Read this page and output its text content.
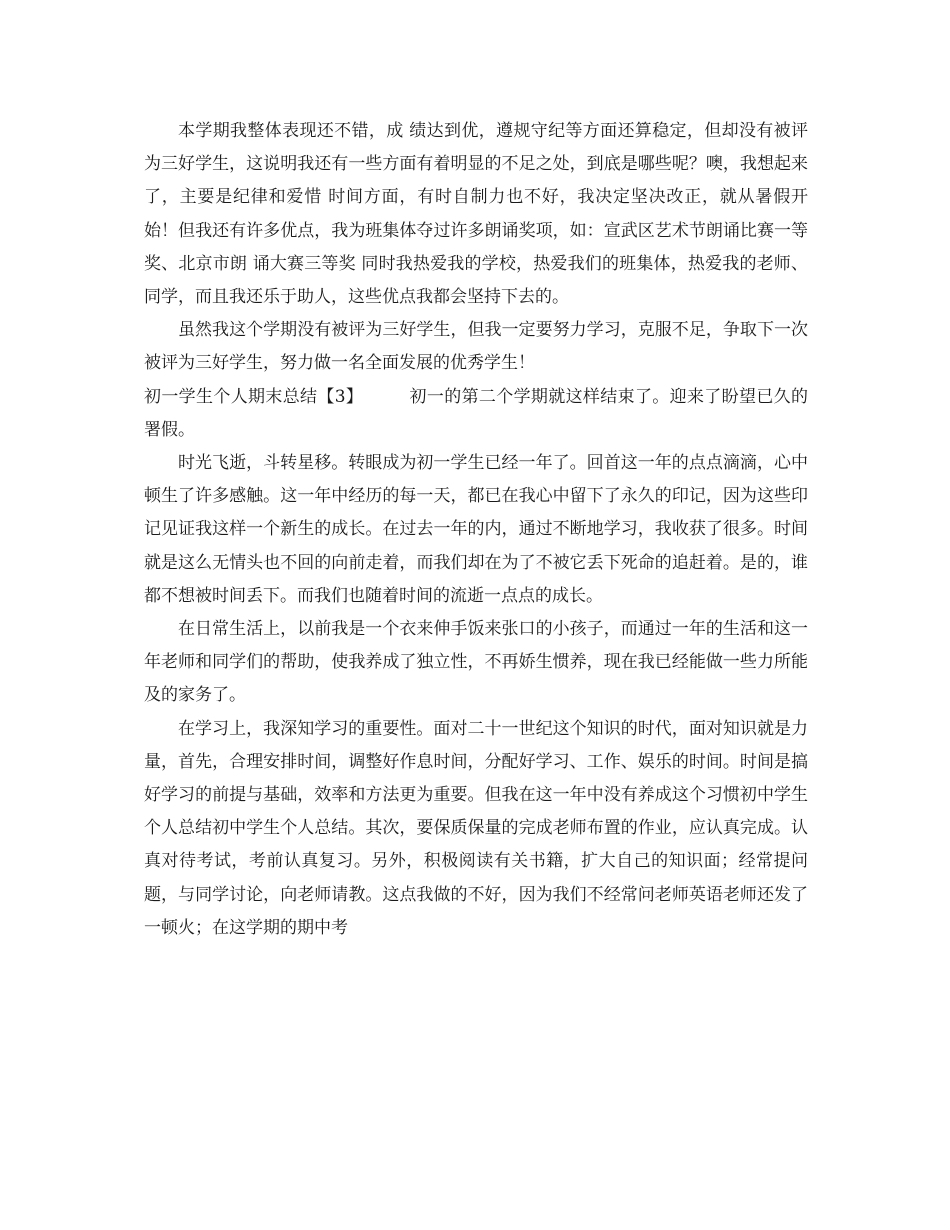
本学期我整体表现还不错，成 绩达到优，遵规守纪等方面还算稳定，但却没有被评为三好学生，这说明我还有一些方面有着明显的不足之处，到底是哪些呢？噢，我想起来了，主要是纪律和爱惜 时间方面，有时自制力也不好，我决定坚决改正，就从暑假开始！但我还有许多优点，我为班集体夺过许多朗诵奖项，如：宣武区艺术节朗诵比赛一等奖、北京市朗 诵大赛三等奖 同时我热爱我的学校，热爱我们的班集体，热爱我的老师、同学，而且我还乐于助人，这些优点我都会坚持下去的。

虽然我这个学期没有被评为三好学生，但我一定要努力学习，克服不足，争取下一次被评为三好学生，努力做一名全面发展的优秀学生！

初一学生个人期末总结【3】	初一的第二个学期就这样结束了。迎来了盼望已久的署假。

时光飞逝，斗转星移。转眼成为初一学生已经一年了。回首这一年的点点滴滴，心中顿生了许多感触。这一年中经历的每一天，都已在我心中留下了永久的印记，因为这些印记见证我这样一个新生的成长。在过去一年的内，通过不断地学习，我收获了很多。时间就是这么无情头也不回的向前走着，而我们却在为了不被它丢下死命的追赶着。是的，谁都不想被时间丢下。而我们也随着时间的流逝一点点的成长。

在日常生活上，以前我是一个衣来伸手饭来张口的小孩子，而通过一年的生活和这一年老师和同学们的帮助，使我养成了独立性，不再娇生惯养，现在我已经能做一些力所能及的家务了。

在学习上，我深知学习的重要性。面对二十一世纪这个知识的时代，面对知识就是力量，首先，合理安排时间，调整好作息时间，分配好学习、工作、娱乐的时间。时间是搞好学习的前提与基础，效率和方法更为重要。但我在这一年中没有养成这个习惯初中学生个人总结初中学生个人总结。其次，要保质保量的完成老师布置的作业，应认真完成。认真对待考试，考前认真复习。另外，积极阅读有关书籍，扩大自己的知识面；经常提问题，与同学讨论，向老师请教。这点我做的不好，因为我们不经常问老师英语老师还发了一顿火；在这学期的期中考
